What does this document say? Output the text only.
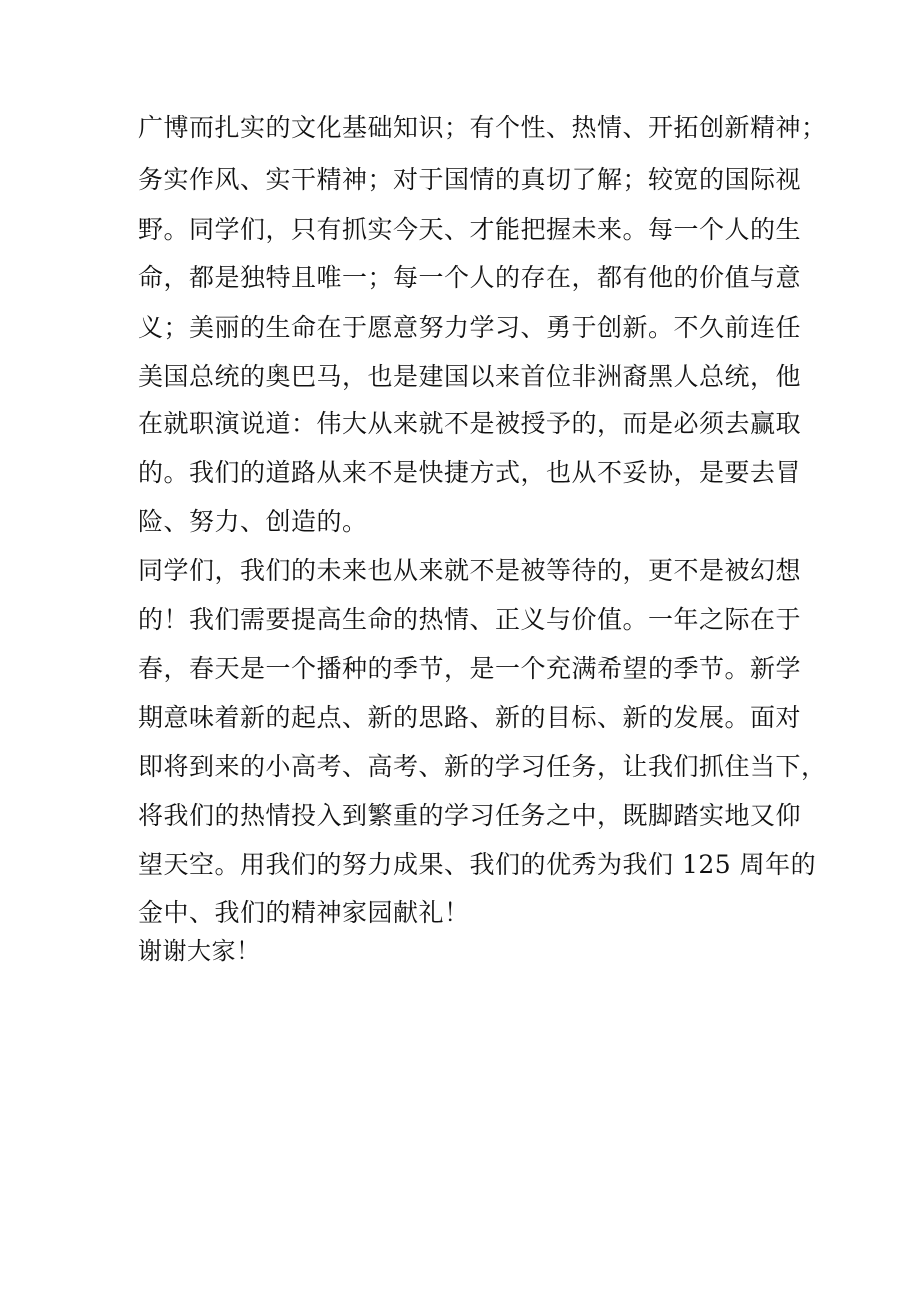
广博而扎实的文化基础知识；有个性、热情、开拓创新精神；
务实作风、实干精神；对于国情的真切了解；较宽的国际视
野。同学们，只有抓实今天、才能把握未来。每一个人的生
命，都是独特且唯一；每一个人的存在，都有他的价值与意
义；美丽的生命在于愿意努力学习、勇于创新。不久前连任
美国总统的奥巴马，也是建国以来首位非洲裔黑人总统，他
在就职演说道：伟大从来就不是被授予的，而是必须去赢取
的。我们的道路从来不是快捷方式，也从不妥协，是要去冒
险、努力、创造的。
同学们，我们的未来也从来就不是被等待的，更不是被幻想
的！我们需要提高生命的热情、正义与价值。一年之际在于
春，春天是一个播种的季节，是一个充满希望的季节。新学
期意味着新的起点、新的思路、新的目标、新的发展。面对
即将到来的小高考、高考、新的学习任务，让我们抓住当下，
将我们的热情投入到繁重的学习任务之中，既脚踏实地又仰
望天空。用我们的努力成果、我们的优秀为我们 125 周年的
金中、我们的精神家园献礼！
谢谢大家！
